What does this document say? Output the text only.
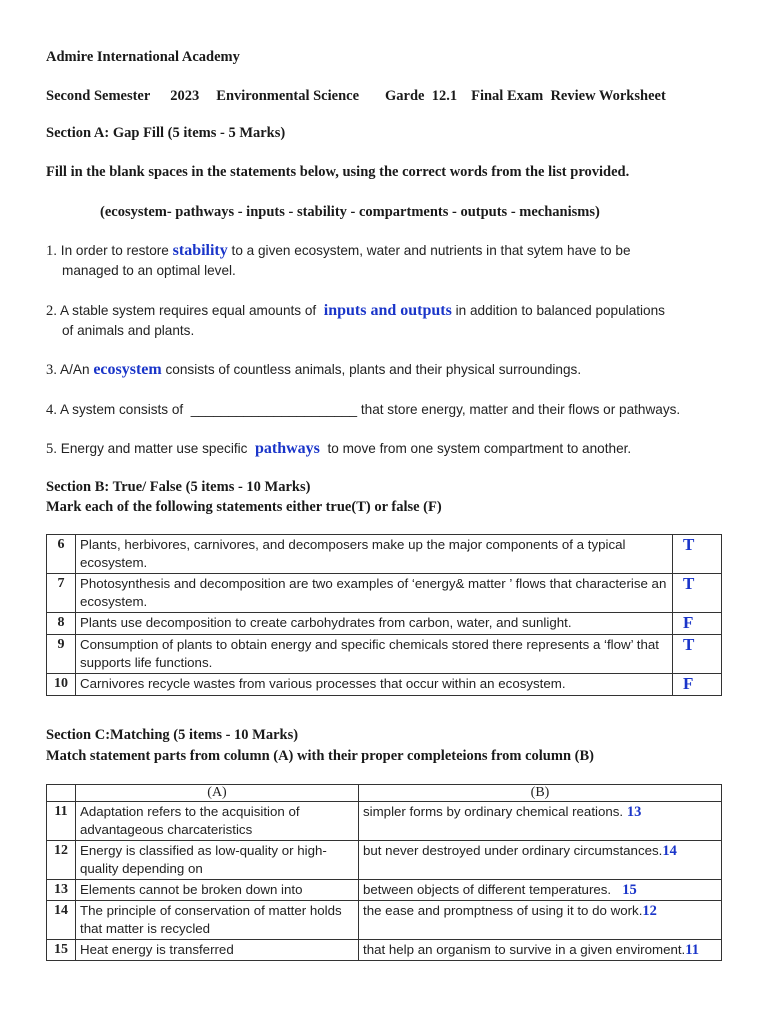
Admire International Academy
Second Semester 2023 Environmental Science Garde  12.1 Final Exam  Review Worksheet
Section A: Gap Fill (5 items - 5 Marks)
Fill in the blank spaces in the statements below, using the correct words from the list provided.
(ecosystem- pathways - inputs - stability - compartments - outputs - mechanisms)
1. In order to restore stability to a given ecosystem, water and nutrients in that sytem have to be
managed to an optimal level.
2. A stable system requires equal amounts of  inputs and outputs in addition to balanced populations
of animals and plants.
3. A/An ecosystem consists of countless animals, plants and their physical surroundings.
4. A system consists of  ______________________ that store energy, matter and their flows or pathways.
5. Energy and matter use specific  pathways  to move from one system compartment to another.
Section B: True/ False (5 items - 10 Marks)
Mark each of the following statements either true(T) or false (F)
6	Plants, herbivores, carnivores, and decomposers make up the major components of a typical ecosystem.	T
7	Photosynthesis and decomposition are two examples of ‘energy& matter ’ flows that characterise an ecosystem.	T
8	Plants use decomposition to create carbohydrates from carbon, water, and sunlight.	F
9	Consumption of plants to obtain energy and specific chemicals stored there represents a ‘flow’ that supports life functions.	T
10	Carnivores recycle wastes from various processes that occur within an ecosystem.	F
Section C:Matching (5 items - 10 Marks)
Match statement parts from column (A) with their proper completeions from column (B)
	(A)	(B)
11	Adaptation refers to the acquisition of advantageous charcateristics	simpler forms by ordinary chemical reations. 13
12	Energy is classified as low-quality or high-quality depending on	but never destroyed under ordinary circumstances.14
13	Elements cannot be broken down into	between objects of different temperatures.   15
14	The principle of conservation of matter holds that matter is recycled	the ease and promptness of using it to do work.12
15	Heat energy is transferred	that help an organism to survive in a given enviroment.11
